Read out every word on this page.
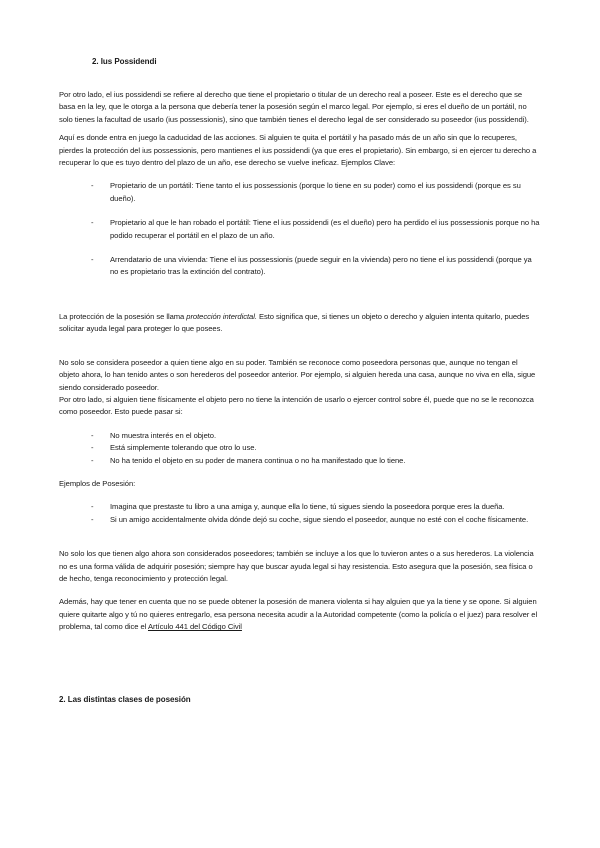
2. Ius Possidendi

Por otro lado, el ius possidendi se refiere al derecho que tiene el propietario o titular de un derecho real a poseer. Este es el derecho que se basa en la ley, que le otorga a la persona que debería tener la posesión según el marco legal. Por ejemplo, si eres el dueño de un portátil, no solo tienes la facultad de usarlo (ius possessionis), sino que también tienes el derecho legal de ser considerado su poseedor (ius possidendi).

Aquí es donde entra en juego la caducidad de las acciones. Si alguien te quita el portátil y ha pasado más de un año sin que lo recuperes, pierdes la protección del ius possessionis, pero mantienes el ius possidendi (ya que eres el propietario). Sin embargo, si en ejercer tu derecho a recuperar lo que es tuyo dentro del plazo de un año, ese derecho se vuelve ineficaz. Ejemplos Clave:

- Propietario de un portátil: Tiene tanto el ius possessionis (porque lo tiene en su poder) como el ius possidendi (porque es su dueño).
- Propietario al que le han robado el portátil: Tiene el ius possidendi (es el dueño) pero ha perdido el ius possessionis porque no ha podido recuperar el portátil en el plazo de un año.
- Arrendatario de una vivienda: Tiene el ius possessionis (puede seguir en la vivienda) pero no tiene el ius possidendi (porque ya no es propietario tras la extinción del contrato).

La protección de la posesión se llama protección interdictal. Esto significa que, si tienes un objeto o derecho y alguien intenta quitarlo, puedes solicitar ayuda legal para proteger lo que posees.

No solo se considera poseedor a quien tiene algo en su poder. También se reconoce como poseedora personas que, aunque no tengan el objeto ahora, lo han tenido antes o son herederos del poseedor anterior. Por ejemplo, si alguien hereda una casa, aunque no viva en ella, sigue siendo considerado poseedor.

Por otro lado, si alguien tiene físicamente el objeto pero no tiene la intención de usarlo o ejercer control sobre él, puede que no se le reconozca como poseedor. Esto puede pasar si:

- No muestra interés en el objeto.
- Está simplemente tolerando que otro lo use.
- No ha tenido el objeto en su poder de manera continua o no ha manifestado que lo tiene.

Ejemplos de Posesión:

- Imagina que prestaste tu libro a una amiga y, aunque ella lo tiene, tú sigues siendo la poseedora porque eres la dueña.
- Si un amigo accidentalmente olvida dónde dejó su coche, sigue siendo el poseedor, aunque no esté con el coche físicamente.

No solo los que tienen algo ahora son considerados poseedores; también se incluye a los que lo tuvieron antes o a sus herederos. La violencia no es una forma válida de adquirir posesión; siempre hay que buscar ayuda legal si hay resistencia. Esto asegura que la posesión, sea física o de hecho, tenga reconocimiento y protección legal.

Además, hay que tener en cuenta que no se puede obtener la posesión de manera violenta si hay alguien que ya la tiene y se opone. Si alguien quiere quitarte algo y tú no quieres entregarlo, esa persona necesita acudir a la Autoridad competente (como la policía o el juez) para resolver el problema, tal como dice el Artículo 441 del Código Civil

2. Las distintas clases de posesión
